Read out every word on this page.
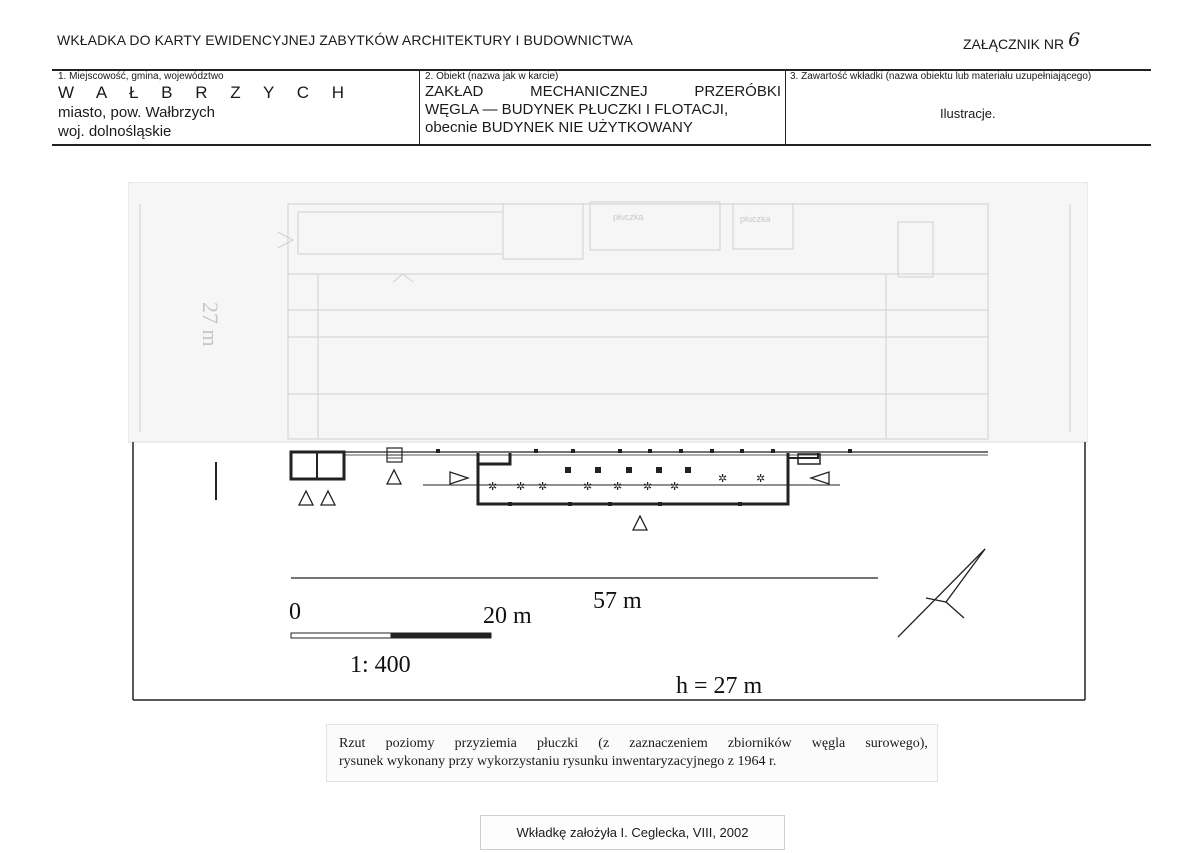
WKŁADKA DO KARTY EWIDENCYJNEJ ZABYTKÓW ARCHITEKTURY I BUDOWNICTWA	ZAŁĄCZNIK NR 6
1. Miejscowość, gmina, województwo
W A Ł B R Z Y C H
miasto, pow. Wałbrzych
woj. dolnośląskie
2. Obiekt (nazwa jak w karcie)
ZAKŁAD	MECHANICZNEJ	PRZERÓBKI
WĘGLA — BUDYNEK PŁUCZKI I FLOTACJI,
obecnie BUDYNEK NIE UŻYTKOWANY
3. Zawartość wkładki (nazwa obiektu lub materiału uzupełniającego)
Ilustracje.
27 m
płuczka	płuczka
✲ ✲ ✲	✲ ✲ ✲ ✲
✲	✲
57 m
0	20 m
1: 400
h = 27 m
Rzut poziomy przyziemia płuczki (z zaznaczeniem zbiorników węgla surowego),
rysunek wykonany przy wykorzystaniu rysunku inwentaryzacyjnego z 1964 r.
Wkładkę założyła I. Ceglecka, VIII, 2002
